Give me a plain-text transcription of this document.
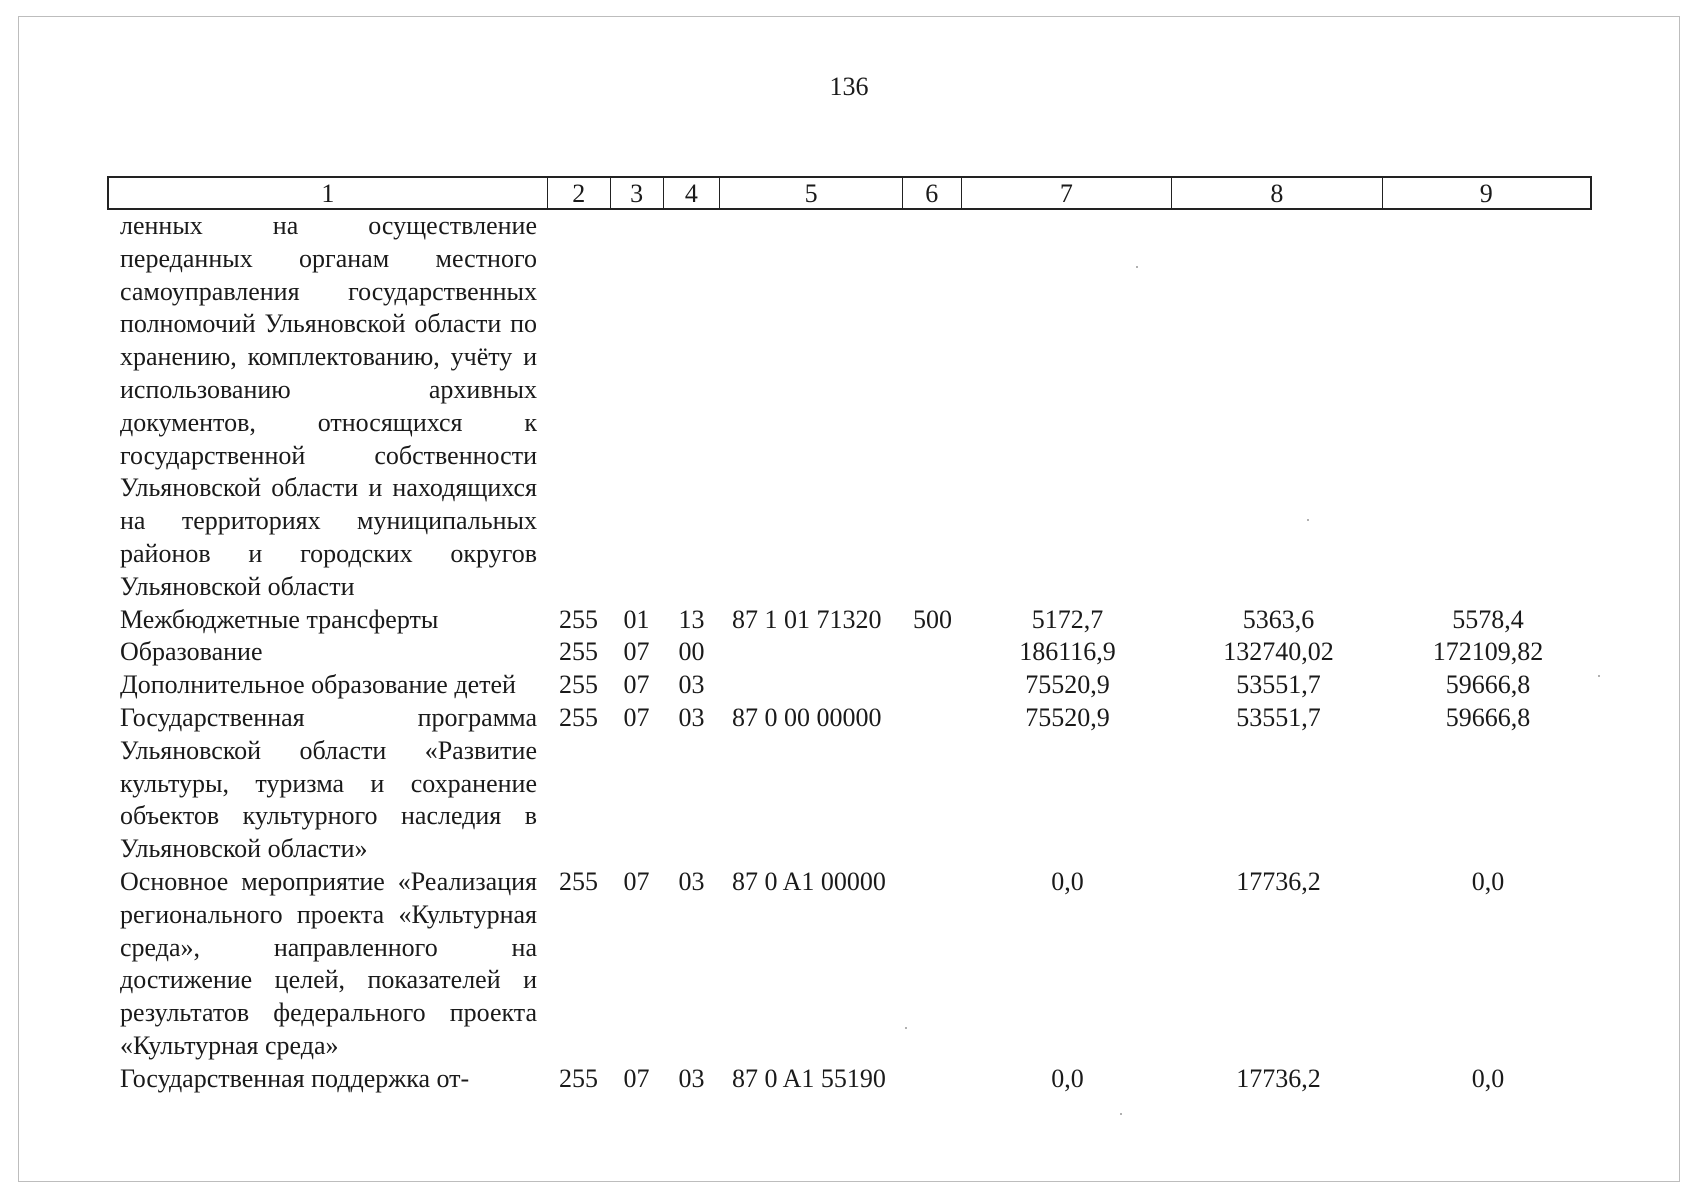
136
1	2	3	4	5	6	7	8	9
ленных на осуществление переданных органам местного самоуправления государственных полномочий Ульяновской области по хранению, комплектованию, учёту и использованию архивных документов, относящихся к государственной собственности Ульяновской области и находящихся на территориях муниципальных районов и городских округов Ульяновской области								
Межбюджетные трансферты	255	01	13	87 1 01 71320	500	5172,7	5363,6	5578,4
Образование	255	07	00			186116,9	132740,02	172109,82
Дополнительное образование детей	255	07	03			75520,9	53551,7	59666,8
Государственная программа Ульяновской области «Развитие культуры, туризма и сохранение объектов культурного наследия в Ульяновской области»	255	07	03	87 0 00 00000		75520,9	53551,7	59666,8
Основное мероприятие «Реализация регионального проекта «Культурная среда», направленного на достижение целей, показателей и результатов федерального проекта «Культурная среда»	255	07	03	87 0 A1 00000		0,0	17736,2	0,0
Государственная поддержка от-	255	07	03	87 0 A1 55190		0,0	17736,2	0,0
